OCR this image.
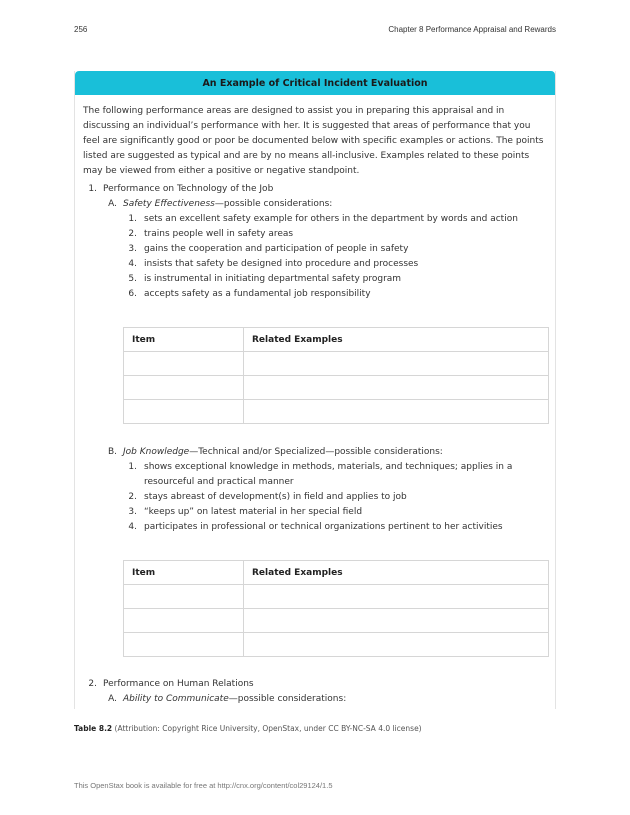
256	Chapter 8 Performance Appraisal and Rewards
An Example of Critical Incident Evaluation
The following performance areas are designed to assist you in preparing this appraisal and in discussing an individual’s performance with her. It is suggested that areas of performance that you feel are significantly good or poor be documented below with specific examples or actions. The points listed are suggested as typical and are by no means all-inclusive. Examples related to these points may be viewed from either a positive or negative standpoint.
1. Performance on Technology of the Job
A. Safety Effectiveness—possible considerations:
1. sets an excellent safety example for others in the department by words and action
2. trains people well in safety areas
3. gains the cooperation and participation of people in safety
4. insists that safety be designed into procedure and processes
5. is instrumental in initiating departmental safety program
6. accepts safety as a fundamental job responsibility
Item	Related Examples

B. Job Knowledge—Technical and/or Specialized—possible considerations:
1. shows exceptional knowledge in methods, materials, and techniques; applies in a
resourceful and practical manner
2. stays abreast of development(s) in field and applies to job
3. “keeps up” on latest material in her special field
4. participates in professional or technical organizations pertinent to her activities
Item	Related Examples

2. Performance on Human Relations
A. Ability to Communicate—possible considerations:
Table 8.2 (Attribution: Copyright Rice University, OpenStax, under CC BY-NC-SA 4.0 license)
This OpenStax book is available for free at http://cnx.org/content/col29124/1.5
